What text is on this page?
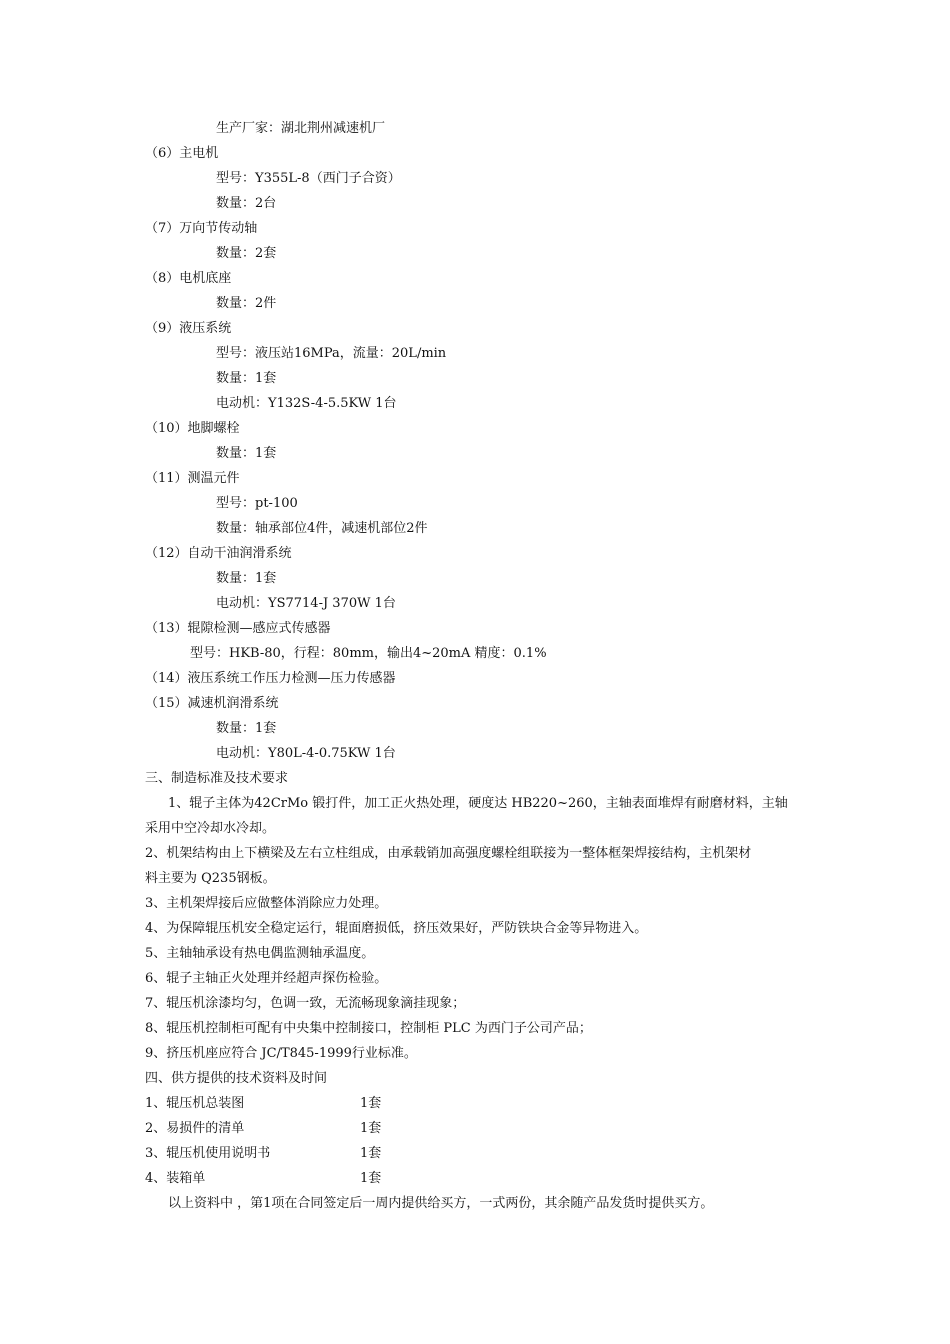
生产厂家：湖北荆州减速机厂
（6）主电机
型号：Y355L-8（西门子合资）
数量：2台
（7）万向节传动轴
数量：2套
（8）电机底座
数量：2件
（9）液压系统
型号：液压站16MPa，流量：20L/min
数量：1套
电动机：Y132S-4-5.5KW 1台
（10）地脚螺栓
数量：1套
（11）测温元件
型号：pt-100
数量：轴承部位4件，减速机部位2件
（12）自动干油润滑系统
数量：1套
电动机：YS7714-J 370W 1台
（13）辊隙检测—感应式传感器
型号：HKB-80，行程：80mm，输出4~20mA 精度：0.1%
（14）液压系统工作压力检测—压力传感器
（15）减速机润滑系统
数量：1套
电动机：Y80L-4-0.75KW 1台
三、制造标准及技术要求
1、辊子主体为42CrMo 锻打件，加工正火热处理，硬度达 HB220~260，主轴表面堆焊有耐磨材料，主轴
采用中空冷却水冷却。
2、机架结构由上下横梁及左右立柱组成，由承载销加高强度螺栓组联接为一整体框架焊接结构，主机架材
料主要为 Q235钢板。
3、主机架焊接后应做整体消除应力处理。
4、为保障辊压机安全稳定运行，辊面磨损低，挤压效果好，严防铁块合金等异物进入。
5、主轴轴承设有热电偶监测轴承温度。
6、辊子主轴正火处理并经超声探伤检验。
7、辊压机涂漆均匀，色调一致，无流畅现象滴挂现象；
8、辊压机控制柜可配有中央集中控制接口，控制柜 PLC 为西门子公司产品；
9、挤压机座应符合 JC/T845-1999行业标准。
四、供方提供的技术资料及时间
1、辊压机总装图	1套
2、易损件的清单	1套
3、辊压机使用说明书	1套
4、装箱单	1套
以上资料中 ，第1项在合同签定后一周内提供给买方，一式两份，其余随产品发货时提供买方。
